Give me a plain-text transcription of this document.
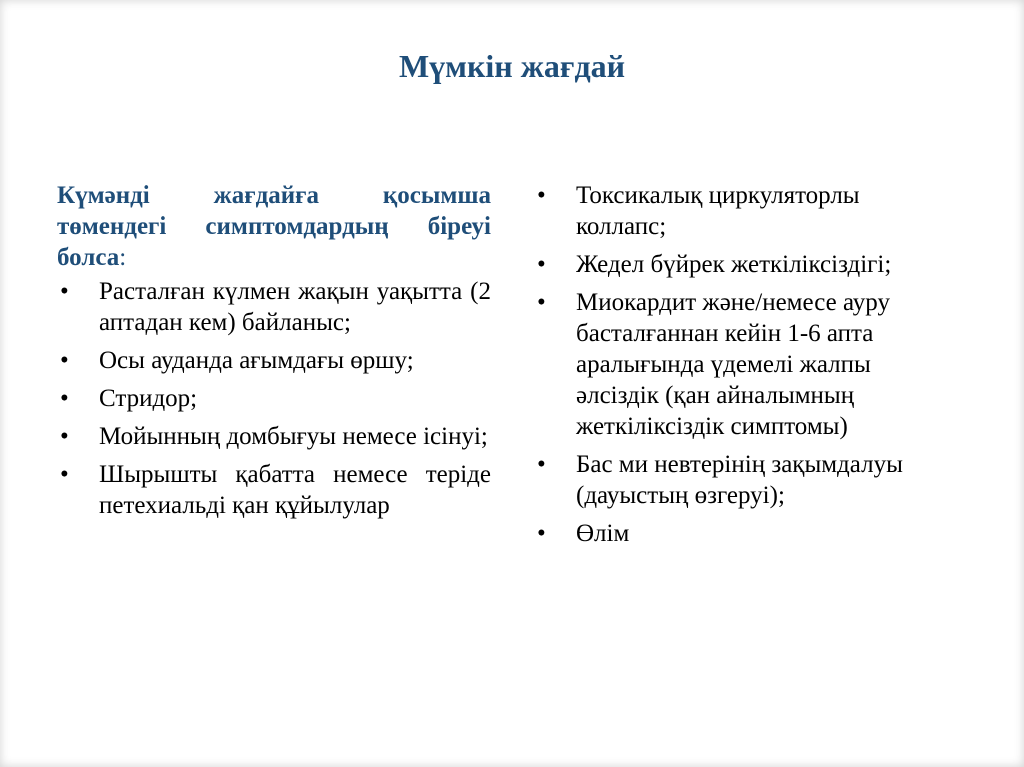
Мүмкін жағдай

Күмәнді жағдайға қосымша төмендегі симптомдардың біреуі болса:

• Расталған күлмен жақын уақытта (2 аптадан кем) байланыс;
• Осы ауданда ағымдағы өршу;
• Стридор;
• Мойынның домбығуы немесе ісінуі;
• Шырышты қабатта немесе теріде петехиальді қан құйылулар
• Токсикалық циркуляторлы коллапс;
• Жедел бүйрек жеткіліксіздігі;
• Миокардит және/немесе ауру басталғаннан кейін 1-6 апта аралығында үдемелі жалпы әлсіздік (қан айналымның жеткіліксіздік симптомы)
• Бас ми невтерінің зақымдалуы (дауыстың өзгеруі);
• Өлім
